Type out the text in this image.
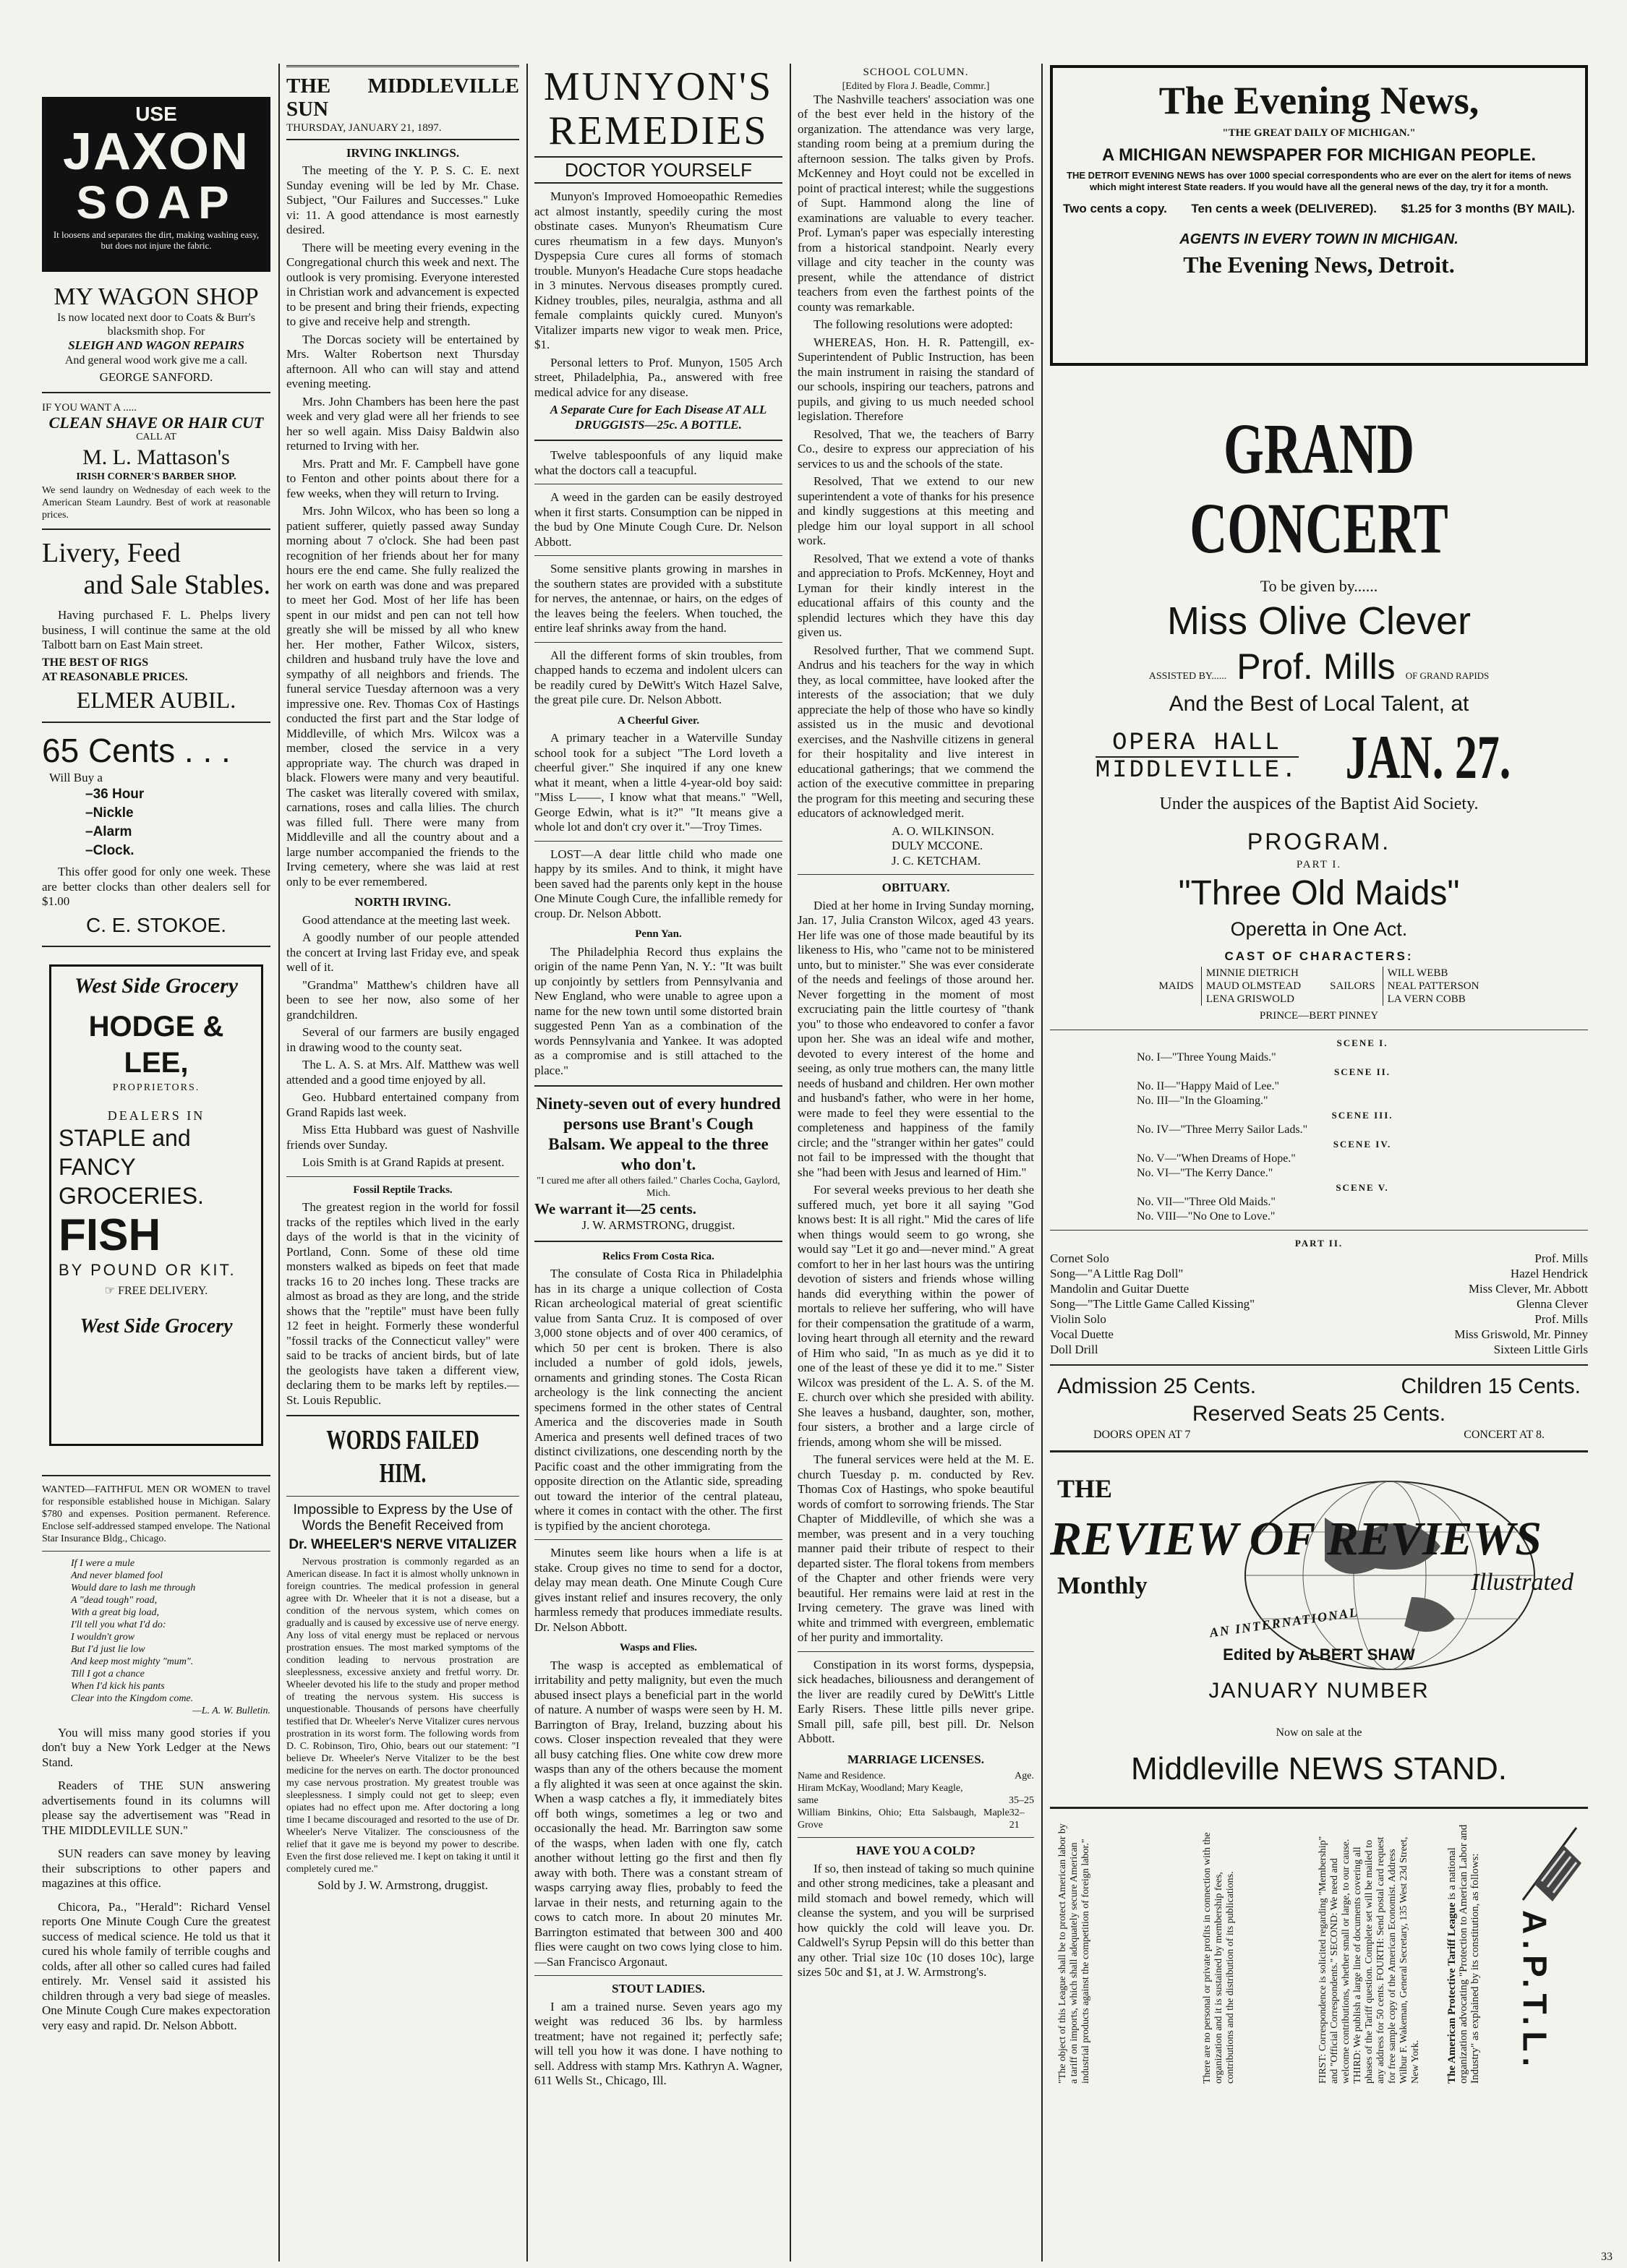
USE
JAXON
SOAP
It loosens and separates the dirt, making washing easy, but does not injure the fabric.
MY WAGON SHOP
Is now located next door to Coats & Burr's blacksmith shop. For
SLEIGH AND WAGON REPAIRS
And general wood work give me a call.
GEORGE SANFORD.
IF YOU WANT A .....
CLEAN SHAVE OR HAIR CUT
CALL AT
M. L. Mattason's
IRISH CORNER'S BARBER SHOP.
We send laundry on Wednesday of each week to the American Steam Laundry. Best of work at reasonable prices.
Livery, Feed
and Sale Stables.

Having purchased F. L. Phelps livery business, I will continue the same at the old Talbott barn on East Main street.

THE BEST OF RIGS
AT REASONABLE PRICES.
ELMER AUBIL.
65 Cents . . .
Will Buy a
–36 Hour
–Nickle
–Alarm
–Clock.

This offer good for only one week. These are better clocks than other dealers sell for $1.00

C. E. STOKOE.
West Side Grocery
HODGE & LEE,
PROPRIETORS.
DEALERS IN
STAPLE and
FANCY
GROCERIES.
FISH
BY POUND OR KIT.
☞ FREE DELIVERY.
West Side Grocery
WANTED—FAITHFUL MEN OR WOMEN to travel for responsible established house in Michigan. Salary $780 and expenses. Position permanent. Reference. Enclose self-addressed stamped envelope. The National Star Insurance Bldg., Chicago.
If I were a mule
And never blamed fool
Would dare to lash me through
A "dead tough" road,
With a great big load,
I'll tell you what I'd do:
I wouldn't grow
But I'd just lie low
And keep most mighty "mum".
Till I got a chance
When I'd kick his pants
Clear into the Kingdom come.
—L. A. W. Bulletin.

You will miss many good stories if you don't buy a New York Ledger at the News Stand.

Readers of THE SUN answering advertisements found in its columns will please say the advertisement was "Read in THE MIDDLEVILLE SUN."

SUN readers can save money by leaving their subscriptions to other papers and magazines at this office.

Chicora, Pa., "Herald": Richard Vensel reports One Minute Cough Cure the greatest success of medical science. He told us that it cured his whole family of terrible coughs and colds, after all other so called cures had failed entirely. Mr. Vensel said it assisted his children through a very bad siege of measles. One Minute Cough Cure makes expectoration very easy and rapid. Dr. Nelson Abbott.

THE MIDDLEVILLE SUN
THURSDAY, JANUARY 21, 1897.
IRVING INKLINGS.

The meeting of the Y. P. S. C. E. next Sunday evening will be led by Mr. Chase. Subject, "Our Failures and Successes." Luke vi: 11. A good attendance is most earnestly desired.

There will be meeting every evening in the Congregational church this week and next. The outlook is very promising. Everyone interested in Christian work and advancement is expected to be present and bring their friends, expecting to give and receive help and strength.

The Dorcas society will be entertained by Mrs. Walter Robertson next Thursday afternoon. All who can will stay and attend evening meeting.

Mrs. John Chambers has been here the past week and very glad were all her friends to see her so well again. Miss Daisy Baldwin also returned to Irving with her.

Mrs. Pratt and Mr. F. Campbell have gone to Fenton and other points about there for a few weeks, when they will return to Irving.

Mrs. John Wilcox, who has been so long a patient sufferer, quietly passed away Sunday morning about 7 o'clock. She had been past recognition of her friends about her for many hours ere the end came. She fully realized the her work on earth was done and was prepared to meet her God. Most of her life has been spent in our midst and pen can not tell how greatly she will be missed by all who knew her. Her mother, Father Wilcox, sisters, children and husband truly have the love and sympathy of all neighbors and friends. The funeral service Tuesday afternoon was a very impressive one. Rev. Thomas Cox of Hastings conducted the first part and the Star lodge of Middleville, of which Mrs. Wilcox was a member, closed the service in a very appropriate way. The church was draped in black. Flowers were many and very beautiful. The casket was literally covered with smilax, carnations, roses and calla lilies. The church was filled full. There were many from Middleville and all the country about and a large number accompanied the friends to the Irving cemetery, where she was laid at rest only to be ever remembered.

NORTH IRVING.

Good attendance at the meeting last week.

A goodly number of our people attended the concert at Irving last Friday eve, and speak well of it.

"Grandma" Matthew's children have all been to see her now, also some of her grandchildren.

Several of our farmers are busily engaged in drawing wood to the county seat.

The L. A. S. at Mrs. Alf. Matthew was well attended and a good time enjoyed by all.

Geo. Hubbard entertained company from Grand Rapids last week.

Miss Etta Hubbard was guest of Nashville friends over Sunday.

Lois Smith is at Grand Rapids at present.

Fossil Reptile Tracks.

The greatest region in the world for fossil tracks of the reptiles which lived in the early days of the world is that in the vicinity of Portland, Conn. Some of these old time monsters walked as bipeds on feet that made tracks 16 to 20 inches long. These tracks are almost as broad as they are long, and the stride shows that the "reptile" must have been fully 12 feet in height. Formerly these wonderful "fossil tracks of the Connecticut valley" were said to be tracks of ancient birds, but of late the geologists have taken a different view, declaring them to be marks left by reptiles.—St. Louis Republic.

WORDS FAILED HIM.
Impossible to Express by the Use of Words the Benefit Received from
Dr. WHEELER'S NERVE VITALIZER

Nervous prostration is commonly regarded as an American disease. In fact it is almost wholly unknown in foreign countries. The medical profession in general agree with Dr. Wheeler that it is not a disease, but a condition of the nervous system, which comes on gradually and is caused by excessive use of nerve energy. Any loss of vital energy must be replaced or nervous prostration ensues. The most marked symptoms of the condition leading to nervous prostration are sleeplessness, excessive anxiety and fretful worry. Dr. Wheeler devoted his life to the study and proper method of treating the nervous system. His success is unquestionable. Thousands of persons have cheerfully testified that Dr. Wheeler's Nerve Vitalizer cures nervous prostration in its worst form. The following words from D. C. Robinson, Tiro, Ohio, bears out our statement: "I believe Dr. Wheeler's Nerve Vitalizer to be the best medicine for the nerves on earth. The doctor pronounced my case nervous prostration. My greatest trouble was sleeplessness. I simply could not get to sleep; even opiates had no effect upon me. After doctoring a long time I became discouraged and resorted to the use of Dr. Wheeler's Nerve Vitalizer. The consciousness of the relief that it gave me is beyond my power to describe. Even the first dose relieved me. I kept on taking it until it completely cured me."

Sold by J. W. Armstrong, druggist.
MUNYON'S
REMEDIES
DOCTOR YOURSELF

Munyon's Improved Homoeopathic Remedies act almost instantly, speedily curing the most obstinate cases. Munyon's Rheumatism Cure cures rheumatism in a few days. Munyon's Dyspepsia Cure cures all forms of stomach trouble. Munyon's Headache Cure stops headache in 3 minutes. Nervous diseases promptly cured. Kidney troubles, piles, neuralgia, asthma and all female complaints quickly cured. Munyon's Vitalizer imparts new vigor to weak men. Price, $1.

Personal letters to Prof. Munyon, 1505 Arch street, Philadelphia, Pa., answered with free medical advice for any disease.

A Separate Cure for Each Disease AT ALL DRUGGISTS—25c. A BOTTLE.

Twelve tablespoonfuls of any liquid make what the doctors call a teacupful.

A weed in the garden can be easily destroyed when it first starts. Consumption can be nipped in the bud by One Minute Cough Cure. Dr. Nelson Abbott.

Some sensitive plants growing in marshes in the southern states are provided with a substitute for nerves, the antennae, or hairs, on the edges of the leaves being the feelers. When touched, the entire leaf shrinks away from the hand.

All the different forms of skin troubles, from chapped hands to eczema and indolent ulcers can be readily cured by DeWitt's Witch Hazel Salve, the great pile cure. Dr. Nelson Abbott.

A Cheerful Giver.

A primary teacher in a Waterville Sunday school took for a subject "The Lord loveth a cheerful giver." She inquired if any one knew what it meant, when a little 4-year-old boy said: "Miss L——, I know what that means." "Well, George Edwin, what is it?" "It means give a whole lot and don't cry over it."—Troy Times.

LOST—A dear little child who made one happy by its smiles. And to think, it might have been saved had the parents only kept in the house One Minute Cough Cure, the infallible remedy for croup. Dr. Nelson Abbott.

Penn Yan.

The Philadelphia Record thus explains the origin of the name Penn Yan, N. Y.: "It was built up conjointly by settlers from Pennsylvania and New England, who were unable to agree upon a name for the new town until some distorted brain suggested Penn Yan as a combination of the words Pennsylvania and Yankee. It was adopted as a compromise and is still attached to the place."

Ninety-seven out of every hundred persons use Brant's Cough Balsam. We appeal to the three who don't.
"I cured me after all others failed." Charles Cocha, Gaylord, Mich.
We warrant it—25 cents.
J. W. ARMSTRONG, druggist.
Relics From Costa Rica.

The consulate of Costa Rica in Philadelphia has in its charge a unique collection of Costa Rican archeological material of great scientific value from Santa Cruz. It is composed of over 3,000 stone objects and of over 400 ceramics, of which 50 per cent is broken. There is also included a number of gold idols, jewels, ornaments and grinding stones. The Costa Rican archeology is the link connecting the ancient specimens formed in the other states of Central America and the discoveries made in South America and presents well defined traces of two distinct civilizations, one descending north by the Pacific coast and the other immigrating from the opposite direction on the Atlantic side, spreading out toward the interior of the central plateau, where it comes in contact with the other. The first is typified by the ancient chorotega.

Minutes seem like hours when a life is at stake. Croup gives no time to send for a doctor, delay may mean death. One Minute Cough Cure gives instant relief and insures recovery, the only harmless remedy that produces immediate results. Dr. Nelson Abbott.

Wasps and Flies.

The wasp is accepted as emblematical of irritability and petty malignity, but even the much abused insect plays a beneficial part in the world of nature. A number of wasps were seen by H. M. Barrington of Bray, Ireland, buzzing about his cows. Closer inspection revealed that they were all busy catching flies. One white cow drew more wasps than any of the others because the moment a fly alighted it was seen at once against the skin. When a wasp catches a fly, it immediately bites off both wings, sometimes a leg or two and occasionally the head. Mr. Barrington saw some of the wasps, when laden with one fly, catch another without letting go the first and then fly away with both. There was a constant stream of wasps carrying away flies, probably to feed the larvae in their nests, and returning again to the cows to catch more. In about 20 minutes Mr. Barrington estimated that between 300 and 400 flies were caught on two cows lying close to him.—San Francisco Argonaut.

STOUT LADIES.

I am a trained nurse. Seven years ago my weight was reduced 36 lbs. by harmless treatment; have not regained it; perfectly safe; will tell you how it was done. I have nothing to sell. Address with stamp Mrs. Kathryn A. Wagner, 611 Wells St., Chicago, Ill.

SCHOOL COLUMN.
[Edited by Flora J. Beadle, Commr.]

The Nashville teachers' association was one of the best ever held in the history of the organization. The attendance was very large, standing room being at a premium during the afternoon session. The talks given by Profs. McKenney and Hoyt could not be excelled in point of practical interest; while the suggestions of Supt. Hammond along the line of examinations are valuable to every teacher. Prof. Lyman's paper was especially interesting from a historical standpoint. Nearly every village and city teacher in the county was present, while the attendance of district teachers from even the farthest points of the county was remarkable.

The following resolutions were adopted:

WHEREAS, Hon. H. R. Pattengill, ex-Superintendent of Public Instruction, has been the main instrument in raising the standard of our schools, inspiring our teachers, patrons and pupils, and giving to us much needed school legislation. Therefore

Resolved, That we, the teachers of Barry Co., desire to express our appreciation of his services to us and the schools of the state.

Resolved, That we extend to our new superintendent a vote of thanks for his presence and kindly suggestions at this meeting and pledge him our loyal support in all school work.

Resolved, That we extend a vote of thanks and appreciation to Profs. McKenney, Hoyt and Lyman for their kindly interest in the educational affairs of this county and the splendid lectures which they have this day given us.

Resolved further, That we commend Supt. Andrus and his teachers for the way in which they, as local committee, have looked after the interests of the association; that we duly appreciate the help of those who have so kindly assisted us in the music and devotional exercises, and the Nashville citizens in general for their hospitality and live interest in educational gatherings; that we commend the action of the executive committee in preparing the program for this meeting and securing these educators of acknowledged merit.

A. O. WILKINSON.
DULY MCCONE.
J. C. KETCHAM.
OBITUARY.

Died at her home in Irving Sunday morning, Jan. 17, Julia Cranston Wilcox, aged 43 years. Her life was one of those made beautiful by its likeness to His, who "came not to be ministered unto, but to minister." She was ever considerate of the needs and feelings of those around her. Never forgetting in the moment of most excruciating pain the little courtesy of "thank you" to those who endeavored to confer a favor upon her. She was an ideal wife and mother, devoted to every interest of the home and seeing, as only true mothers can, the many little needs of husband and children. Her own mother and husband's father, who were in her home, were made to feel they were essential to the completeness and happiness of the family circle; and the "stranger within her gates" could not fail to be impressed with the thought that she "had been with Jesus and learned of Him."

For several weeks previous to her death she suffered much, yet bore it all saying "God knows best: It is all right." Mid the cares of life when things would seem to go wrong, she would say "Let it go and—never mind." A great comfort to her in her last hours was the untiring devotion of sisters and friends whose willing hands did everything within the power of mortals to relieve her suffering, who will have for their compensation the gratitude of a warm, loving heart through all eternity and the reward of Him who said, "In as much as ye did it to one of the least of these ye did it to me." Sister Wilcox was president of the L. A. S. of the M. E. church over which she presided with ability. She leaves a husband, daughter, son, mother, four sisters, a brother and a large circle of friends, among whom she will be missed.

The funeral services were held at the M. E. church Tuesday p. m. conducted by Rev. Thomas Cox of Hastings, who spoke beautiful words of comfort to sorrowing friends. The Star Chapter of Middleville, of which she was a member, was present and in a very touching manner paid their tribute of respect to their departed sister. The floral tokens from members of the Chapter and other friends were very beautiful. Her remains were laid at rest in the Irving cemetery. The grave was lined with white and trimmed with evergreen, emblematic of her purity and immortality.

Constipation in its worst forms, dyspepsia, sick headaches, biliousness and derangement of the liver are readily cured by DeWitt's Little Early Risers. These little pills never gripe. Small pill, safe pill, best pill. Dr. Nelson Abbott.

MARRIAGE LICENSES.
Name and Residence.	Age.
Hiram McKay, Woodland; Mary Keagle,
same	35–25
William Binkins, Ohio; Etta Salsbaugh, Maple Grove
32–21
HAVE YOU A COLD?

If so, then instead of taking so much quinine and other strong medicines, take a pleasant and mild stomach and bowel remedy, which will cleanse the system, and you will be surprised how quickly the cold will leave you. Dr. Caldwell's Syrup Pepsin will do this better than any other. Trial size 10c (10 doses 10c), large sizes 50c and $1, at J. W. Armstrong's.

The Evening News,
"THE GREAT DAILY OF MICHIGAN."
A MICHIGAN NEWSPAPER FOR MICHIGAN PEOPLE.
THE DETROIT EVENING NEWS has over 1000 special correspondents who are ever on the alert for items of news which might interest State readers. If you would have all the general news of the day, try it for a month.
Two cents a copy. Ten cents a week (DELIVERED). $1.25 for 3 months (BY MAIL).
AGENTS IN EVERY TOWN IN MICHIGAN.
The Evening News, Detroit.
GRAND CONCERT
To be given by......
Miss Olive Clever
ASSISTED BY...... Prof. Mills OF GRAND RAPIDS
And the Best of Local Talent, at
OPERA HALL
MIDDLEVILLE. JAN. 27.
Under the auspices of the Baptist Aid Society.
PROGRAM.
PART I.
"Three Old Maids"
Operetta in One Act.
CAST OF CHARACTERS:
MAIDS
MINNIE DIETRICH
MAUD OLMSTEAD
LENA GRISWOLD
SAILORS
WILL WEBB
NEAL PATTERSON
LA VERN COBB
PRINCE—BERT PINNEY
SCENE I.
No. I—"Three Young Maids."
SCENE II.
No. II—"Happy Maid of Lee."
No. III—"In the Gloaming."
SCENE III.
No. IV—"Three Merry Sailor Lads."
SCENE IV.
No. V—"When Dreams of Hope."
No. VI—"The Kerry Dance."
SCENE V.
No. VII—"Three Old Maids."
No. VIII—"No One to Love."
PART II.
Cornet Solo	Prof. Mills
Song—"A Little Rag Doll"	Hazel Hendrick
Mandolin and Guitar Duette	Miss Clever, Mr. Abbott
Song—"The Little Game Called Kissing"	Glenna Clever
Violin Solo	Prof. Mills
Vocal Duette	Miss Griswold, Mr. Pinney
Doll Drill	Sixteen Little Girls
Admission 25 Cents.	Children 15 Cents.
Reserved Seats 25 Cents.
DOORS OPEN AT 7	CONCERT AT 8.
THE
REVIEW OF REVIEWS
Monthly	Illustrated
AN INTERNATIONAL
Edited by ALBERT SHAW
JANUARY NUMBER
Now on sale at the
Middleville NEWS STAND.
"The object of this League shall be to protect American labor by a tariff on imports, which shall adequately secure American industrial products against the competition of foreign labor."	There are no personal or private profits in connection with the organization and it is sustained by membership fees, contributions and the distribution of its publications.	FIRST: Correspondence is solicited regarding "Membership" and "Official Correspondents." SECOND: We need and welcome contributions, whether small or large, to our cause. THIRD: We publish a large line of documents covering all phases of the Tariff question. Complete set will be mailed to any address for 50 cents. FOURTH: Send postal card request for free sample copy of the American Economist. Address Wilbur F. Wakeman, General Secretary, 135 West 23d Street, New York.	The American Protective Tariff League is a national organization advocating "Protection to American Labor and Industry" as explained by its constitution, as follows:	A.P.T.L.
33
